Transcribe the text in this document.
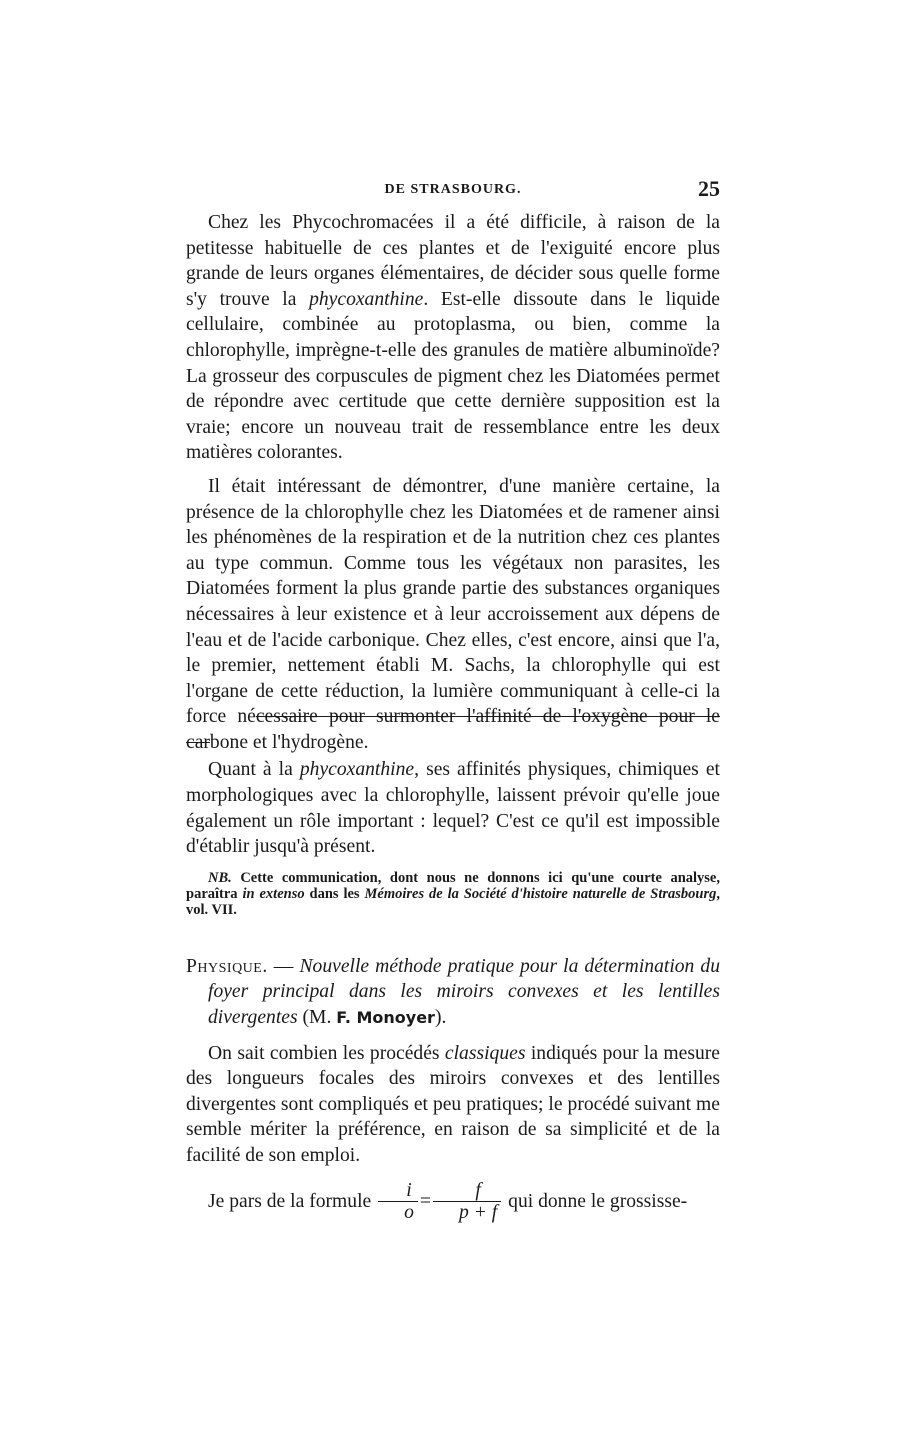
DE STRASBOURG.	25

Chez les Phycochromacées il a été difficile, à raison de la petitesse habituelle de ces plantes et de l'exiguité encore plus grande de leurs organes élémentaires, de décider sous quelle forme s'y trouve la phycoxanthine. Est-elle dissoute dans le liquide cellulaire, combinée au protoplasma, ou bien, comme la chlorophylle, imprègne-t-elle des granules de matière albuminoïde? La grosseur des corpuscules de pigment chez les Diatomées permet de répondre avec certitude que cette dernière supposition est la vraie; encore un nouveau trait de ressemblance entre les deux matières colorantes.

Il était intéressant de démontrer, d'une manière certaine, la présence de la chlorophylle chez les Diatomées et de ramener ainsi les phénomènes de la respiration et de la nutrition chez ces plantes au type commun. Comme tous les végétaux non parasites, les Diatomées forment la plus grande partie des substances organiques nécessaires à leur existence et à leur accroissement aux dépens de l'eau et de l'acide carbonique. Chez elles, c'est encore, ainsi que l'a, le premier, nettement établi M. Sachs, la chlorophylle qui est l'organe de cette réduction, la lumière communiquant à celle-ci la force nécessaire pour surmonter l'affinité de l'oxygène pour le carbone et l'hydrogène.

Quant à la phycoxanthine, ses affinités physiques, chimiques et morphologiques avec la chlorophylle, laissent prévoir qu'elle joue également un rôle important : lequel? C'est ce qu'il est impossible d'établir jusqu'à présent.

NB. Cette communication, dont nous ne donnons ici qu'une courte analyse, paraîtra in extenso dans les Mémoires de la Société d'histoire naturelle de Strasbourg, vol. VII.

Physique. — Nouvelle méthode pratique pour la détermination du foyer principal dans les miroirs convexes et les lentilles divergentes (M. F. Monoyer).

On sait combien les procédés classiques indiqués pour la mesure des longueurs focales des miroirs convexes et des lentilles divergentes sont compliqués et peu pratiques; le procédé suivant me semble mériter la préférence, en raison de sa simplicité et de la facilité de son emploi.

Je pars de la formule $\frac{i}{o} = \frac{f}{p + f}$ qui donne le grossisse-
